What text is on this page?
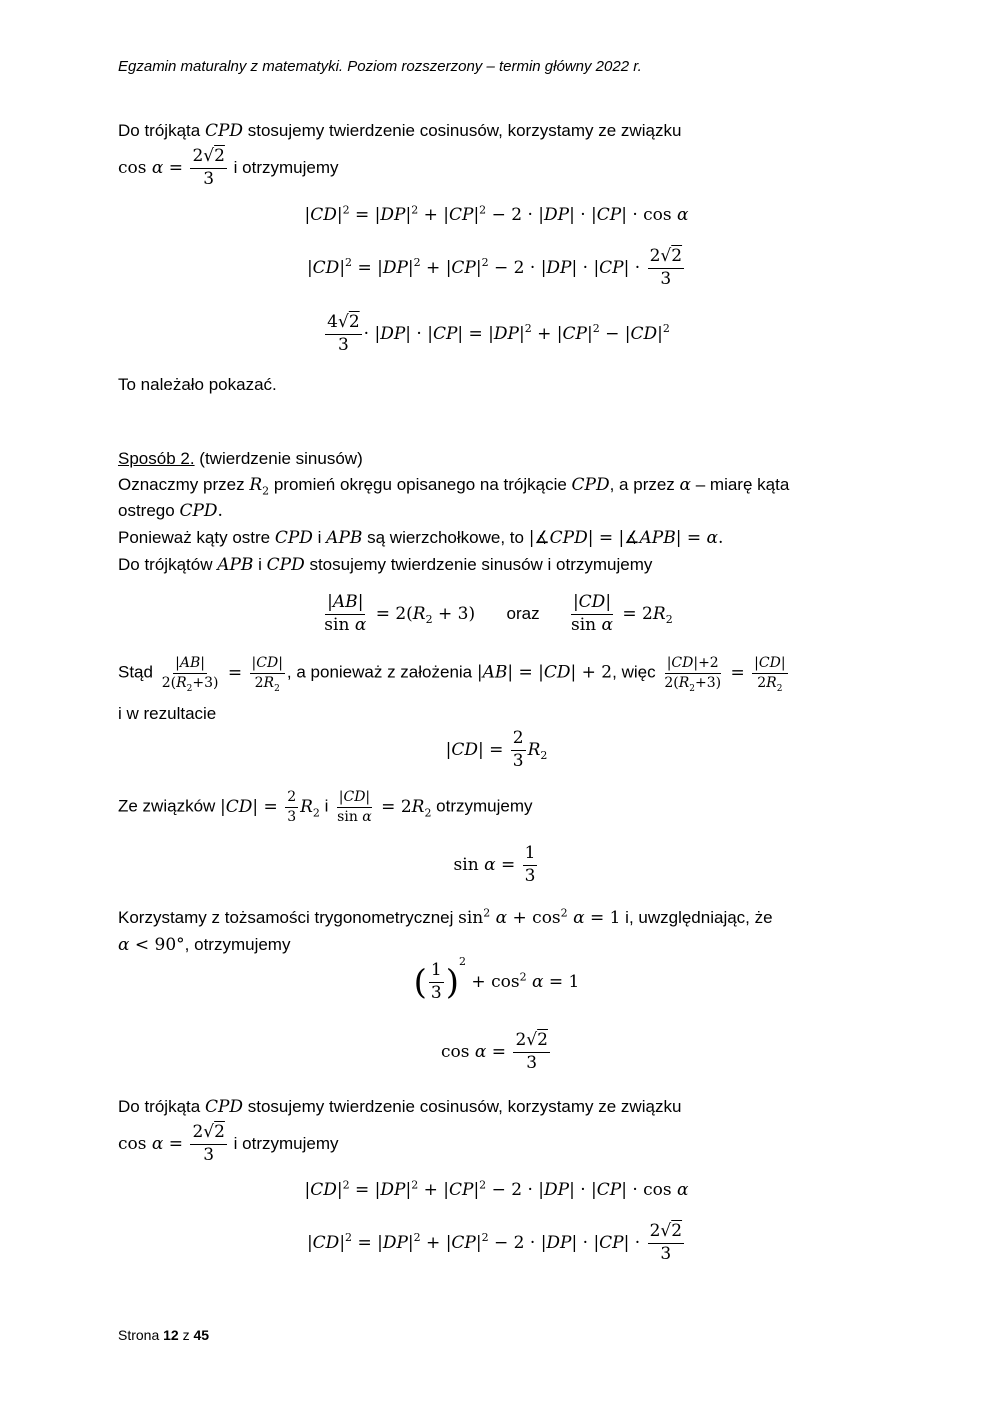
Egzamin maturalny z matematyki. Poziom rozszerzony – termin główny 2022 r.
Do trójkąta CPD stosujemy twierdzenie cosinusów, korzystamy ze związku
$\cos \alpha = \frac{2√2}{3}$ i otrzymujemy
$|CD|^2 = |DP|^2 + |CP|^2 - 2 \cdot |DP| \cdot |CP| \cdot \cos \alpha$
$|CD|^2 = |DP|^2 + |CP|^2 - 2 \cdot |DP| \cdot |CP| \cdot \frac{2√2}{3}$
$\frac{4√2}{3} \cdot |DP| \cdot |CP| = |DP|^2 + |CP|^2 - |CD|^2$
To należało pokazać.
Sposób 2. (twierdzenie sinusów)
Oznaczmy przez $R_2$ promień okręgu opisanego na trójkącie CPD, a przez α – miarę kąta
ostrego CPD.
Ponieważ kąty ostre CPD i APB są wierzchołkowe, to |∡CPD| = |∡APB| = α.
Do trójkątów APB i CPD stosujemy twierdzenie sinusów i otrzymujemy
$\frac{|AB|}{\text{sin α}} = 2(R_2 + 3)$ oraz $\frac{|CD|}{\text{sin α}} = 2R_2$
Stąd $\frac{|AB|}{2(R_2+3)} = \frac{|CD|}{2R_2}$ , a ponieważ z założenia |AB| = |CD| + 2, więc $\frac{|CD|+2}{2(R_2+3)} = \frac{|CD|}{2R_2}$
i w rezultacie
$|CD| = \frac{2}{3} R_2$
Ze związków $|CD| = \frac{2}{3} R_2$ i $\frac{|CD|}{\text{sin α}} = 2R_2$ otrzymujemy
$\sin \alpha = \frac{1}{3}$
Korzystamy z tożsamości trygonometrycznej $\sin^2 \alpha + \cos^2 \alpha = 1$ i, uwzględniając, że
α < 90°, otrzymujemy
( $\frac{1}{3} )^2 + \cos^2 \alpha = 1$
$\cos \alpha = \frac{2√2}{3}$
Do trójkąta CPD stosujemy twierdzenie cosinusów, korzystamy ze związku
$\cos \alpha = \frac{2√2}{3}$ i otrzymujemy
$|CD|^2 = |DP|^2 + |CP|^2 - 2 \cdot |DP| \cdot |CP| \cdot \cos \alpha$
$|CD|^2 = |DP|^2 + |CP|^2 - 2 \cdot |DP| \cdot |CP| \cdot \frac{2√2}{3}$
Strona 12 z 45
